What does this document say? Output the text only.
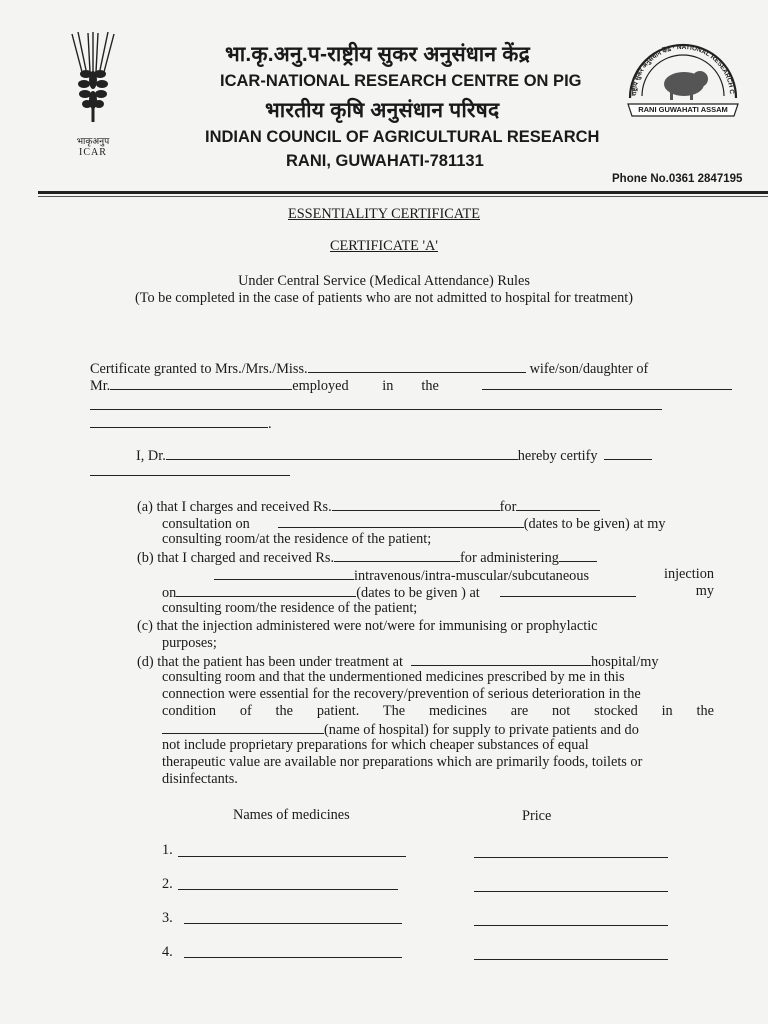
भाकृअनुप
ICAR
भा.कृ.अनु.प-राष्ट्रीय सुकर अनुसंधान केंद्र
ICAR-NATIONAL RESEARCH CENTRE ON PIG
भारतीय कृषि अनुसंधान परिषद
INDIAN COUNCIL OF AGRICULTURAL RESEARCH
RANI, GUWAHATI-781131
Phone No.0361 2847195
राष्ट्रीय सुकर अनुसंधान केंद्र · NATIONAL RESEARCH C
RANI GUWAHATI ASSAM
ESSENTIALITY CERTIFICATE
CERTIFICATE 'A'
Under Central Service (Medical Attendance) Rules
(To be completed in the case of patients who are not admitted to hospital for treatment)
Certificate granted to Mrs./Mrs./Miss.	wife/son/daughter of
Mr.	employed in the
.
I, Dr.	hereby certify
(a) that I charges and received Rs.	for
consultation on	(dates to be given) at my
consulting room/at the residence of the patient;
(b) that I charged and received Rs.	for administering
intravenous/intra-muscular/subcutaneous	injection
on	(dates to be given ) at	my
consulting room/the residence of the patient;
(c) that the injection administered were not/were for immunising or prophylactic
purposes;
(d) that the patient has been under treatment at	hospital/my
consulting room and that the undermentioned medicines prescribed by me in this
connection were essential for the recovery/prevention of serious deterioration in the
condition of the patient. The medicines are not stocked in the
(name of hospital) for supply to private patients and do
not include proprietary preparations for which cheaper substances of equal
therapeutic value are available nor preparations which are primarily foods, toilets or
disinfectants.
Names of medicines	Price
1.
2.
3.
4.
